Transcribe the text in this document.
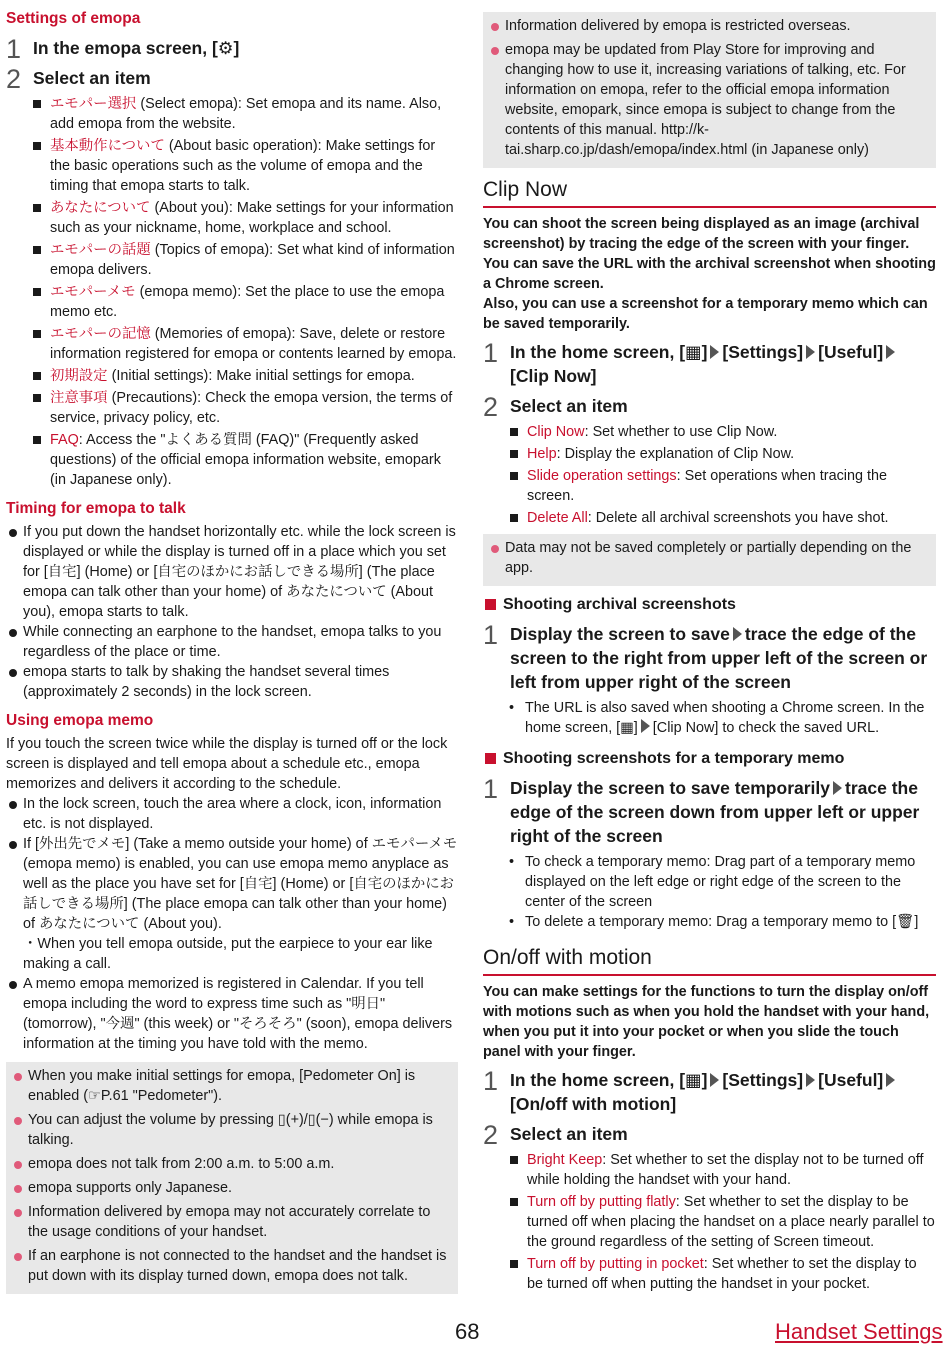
Settings of emopa
1 In the emopa screen, [⚙]
2 Select an item
エモパー選択 (Select emopa): Set emopa and its name. Also, add emopa from the website.
基本動作について (About basic operation): Make settings for the basic operations such as the volume of emopa and the timing that emopa starts to talk.
あなたについて (About you): Make settings for your information such as your nickname, home, workplace and school.
エモパーの話題 (Topics of emopa): Set what kind of information emopa delivers.
エモパーメモ (emopa memo): Set the place to use the emopa memo etc.
エモパーの記憶 (Memories of emopa): Save, delete or restore information registered for emopa or contents learned by emopa.
初期設定 (Initial settings): Make initial settings for emopa.
注意事項 (Precautions): Check the emopa version, the terms of service, privacy policy, etc.
FAQ: Access the "よくある質問 (FAQ)" (Frequently asked questions) of the official emopa information website, emopark (in Japanese only).
Timing for emopa to talk
If you put down the handset horizontally etc. while the lock screen is displayed or while the display is turned off in a place which you set for [自宅] (Home) or [自宅のほかにお話しできる場所] (The place emopa can talk other than your home) of あなたについて (About you), emopa starts to talk.
While connecting an earphone to the handset, emopa talks to you regardless of the place or time.
emopa starts to talk by shaking the handset several times (approximately 2 seconds) in the lock screen.
Using emopa memo

If you touch the screen twice while the display is turned off or the lock screen is displayed and tell emopa about a schedule etc., emopa memorizes and delivers it according to the schedule.

In the lock screen, touch the area where a clock, icon, information etc. is not displayed.
If [外出先でメモ] (Take a memo outside your home) of エモパーメモ (emopa memo) is enabled, you can use emopa memo anyplace as well as the place you have set for [自宅] (Home) or [自宅のほかにお話しできる場所] (The place emopa can talk other than your home) of あなたについて (About you).

・When you tell emopa outside, put the earpiece to your ear like making a call.

A memo emopa memorized is registered in Calendar. If you tell emopa including the word to express time such as "明日" (tomorrow), "今週" (this week) or "そろそろ" (soon), emopa delivers information at the timing you have told with the memo.
When you make initial settings for emopa, [Pedometer On] is enabled (☞P.61 "Pedometer").
You can adjust the volume by pressing ▯(+)/▯(−) while emopa is talking.
emopa does not talk from 2:00 a.m. to 5:00 a.m.
emopa supports only Japanese.
Information delivered by emopa may not accurately correlate to the usage conditions of your handset.
If an earphone is not connected to the handset and the handset is put down with its display turned down, emopa does not talk.
Information delivered by emopa is restricted overseas.
emopa may be updated from Play Store for improving and changing how to use it, increasing variations of talking, etc. For information on emopa, refer to the official emopa information website, emopark, since emopa is subject to change from the contents of this manual. http://k-tai.sharp.co.jp/dash/emopa/index.html (in Japanese only)
Clip Now

You can shoot the screen being displayed as an image (archival screenshot) by tracing the edge of the screen with your finger. You can save the URL with the archival screenshot when shooting a Chrome screen.

Also, you can use a screenshot for a temporary memo which can be saved temporarily.

1 In the home screen, [▦] [Settings] [Useful][Clip Now]
2 Select an item
Clip Now: Set whether to use Clip Now.
Help: Display the explanation of Clip Now.
Slide operation settings: Set operations when tracing the screen.
Delete All: Delete all archival screenshots you have shot.
Data may not be saved completely or partially depending on the app.
Shooting archival screenshots
1 Display the screen to save trace the edge of the screen to the right from upper left of the screen or left from upper right of the screen
• The URL is also saved when shooting a Chrome screen. In the home screen, [▦] [Clip Now] to check the saved URL.
Shooting screenshots for a temporary memo
1 Display the screen to save temporarily trace the edge of the screen down from upper left or upper right of the screen
• To check a temporary memo: Drag part of a temporary memo displayed on the left edge or right edge of the screen to the center of the screen
• To delete a temporary memo: Drag a temporary memo to [🗑]
On/off with motion

You can make settings for the functions to turn the display on/off with motions such as when you hold the handset with your hand, when you put it into your pocket or when you slide the touch panel with your finger.

1 In the home screen, [▦] [Settings] [Useful][On/off with motion]
2 Select an item
Bright Keep: Set whether to set the display not to be turned off while holding the handset with your hand.
Turn off by putting flatly: Set whether to set the display to be turned off when placing the handset on a place nearly parallel to the ground regardless of the setting of Screen timeout.
Turn off by putting in pocket: Set whether to set the display to be turned off when putting the handset in your pocket.
68	Handset Settings
